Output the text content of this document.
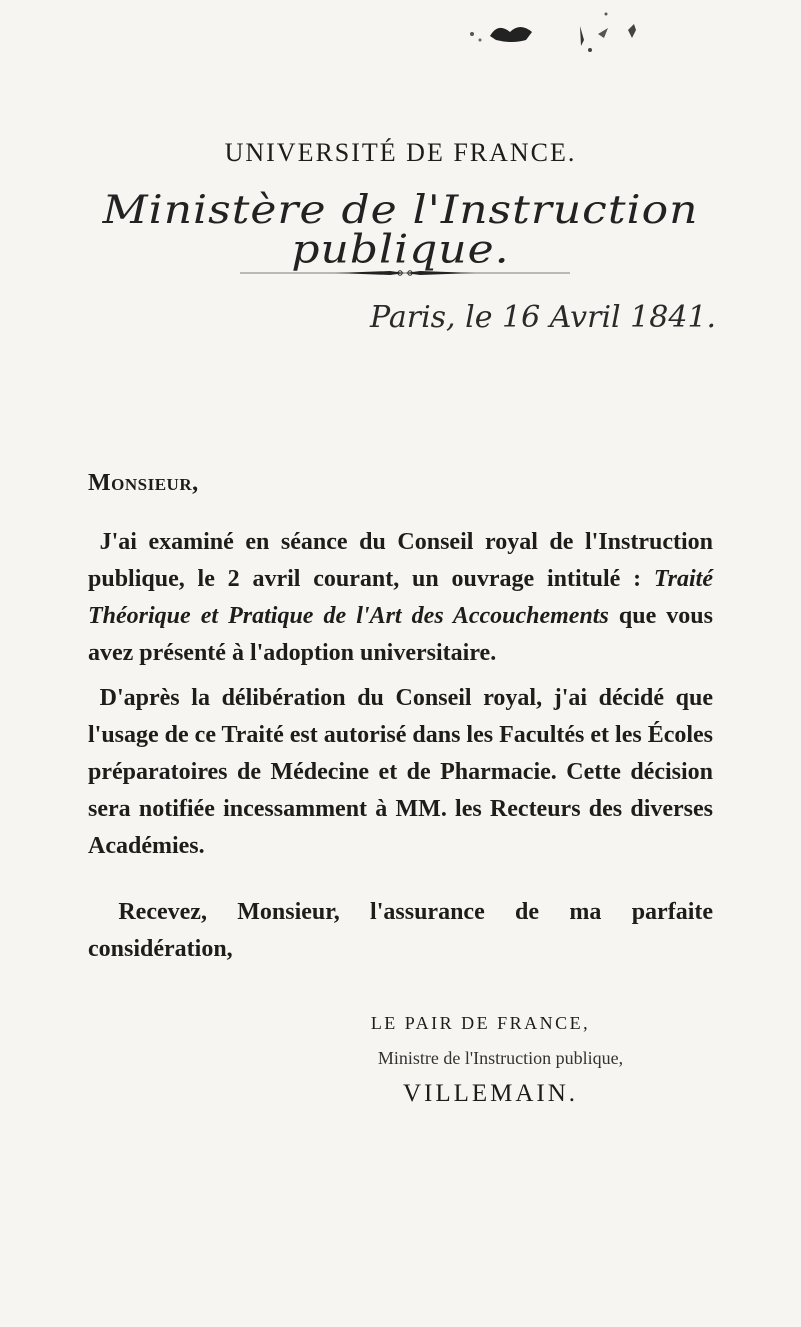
UNIVERSITÉ DE FRANCE.
Ministère de l'Instruction publique.
Paris, le 16 Avril 1841.

Monsieur,

J'ai examiné en séance du Conseil royal de l'Instruction publique, le 2 avril courant, un ouvrage intitulé : Traité Théorique et Pratique de l'Art des Accouchements que vous avez présenté à l'adoption universitaire.

D'après la délibération du Conseil royal, j'ai décidé que l'usage de ce Traité est autorisé dans les Facultés et les Écoles préparatoires de Médecine et de Pharmacie. Cette décision sera notifiée incessamment à MM. les Recteurs des diverses Académies.

Recevez, Monsieur, l'assurance de ma parfaite considération,

LE PAIR DE FRANCE,
Ministre de l'Instruction publique,
VILLEMAIN.
